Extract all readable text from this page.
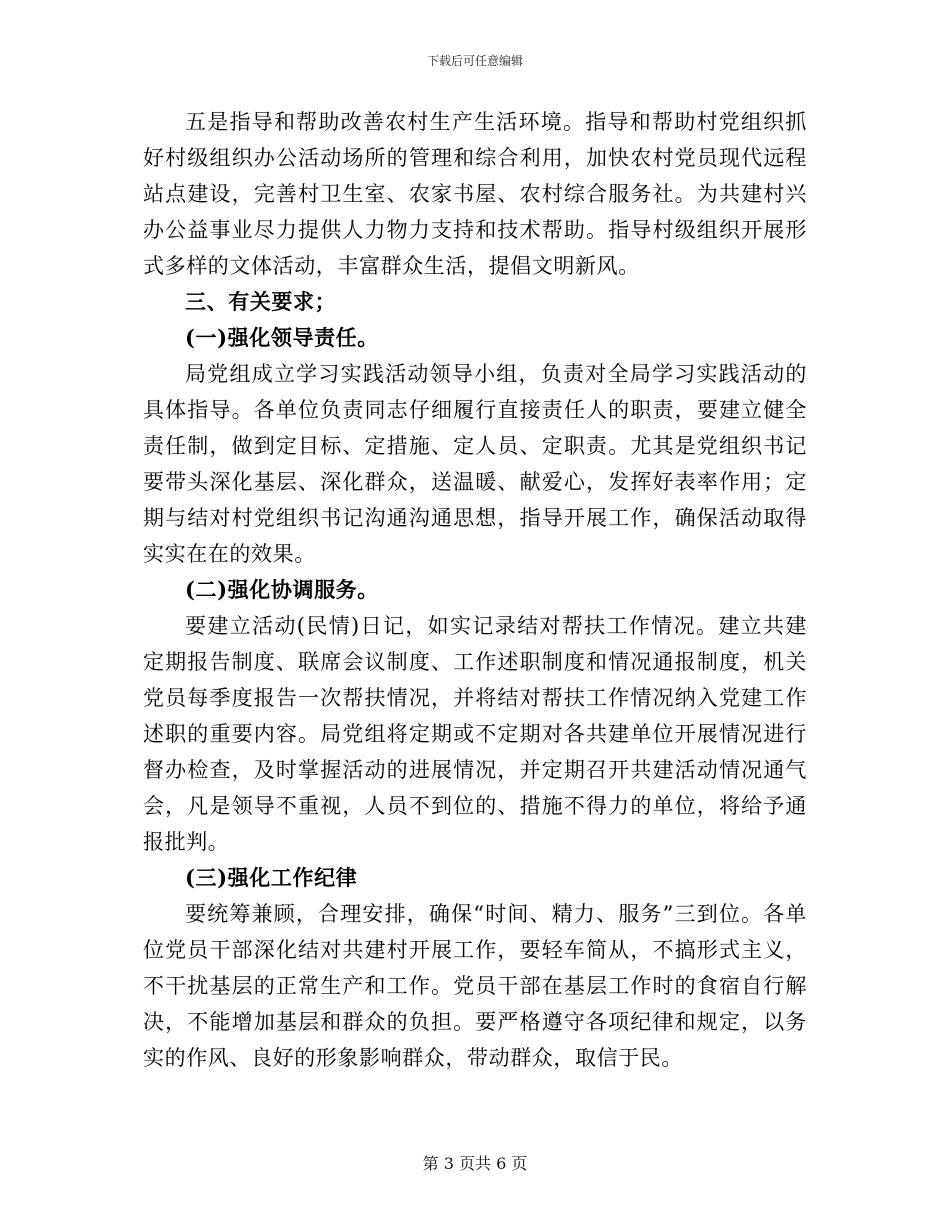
下载后可任意编辑

五是指导和帮助改善农村生产生活环境。指导和帮助村党组织抓好村级组织办公活动场所的管理和综合利用，加快农村党员现代远程站点建设，完善村卫生室、农家书屋、农村综合服务社。为共建村兴办公益事业尽力提供人力物力支持和技术帮助。指导村级组织开展形式多样的文体活动，丰富群众生活，提倡文明新风。

三、有关要求；

(一)强化领导责任。

局党组成立学习实践活动领导小组，负责对全局学习实践活动的具体指导。各单位负责同志仔细履行直接责任人的职责，要建立健全责任制，做到定目标、定措施、定人员、定职责。尤其是党组织书记要带头深化基层、深化群众，送温暖、献爱心，发挥好表率作用；定期与结对村党组织书记沟通沟通思想，指导开展工作，确保活动取得实实在在的效果。

(二)强化协调服务。

要建立活动(民情)日记，如实记录结对帮扶工作情况。建立共建定期报告制度、联席会议制度、工作述职制度和情况通报制度，机关党员每季度报告一次帮扶情况，并将结对帮扶工作情况纳入党建工作述职的重要内容。局党组将定期或不定期对各共建单位开展情况进行督办检查，及时掌握活动的进展情况，并定期召开共建活动情况通气会，凡是领导不重视，人员不到位的、措施不得力的单位，将给予通报批判。

(三)强化工作纪律

要统筹兼顾，合理安排，确保“时间、精力、服务”三到位。各单位党员干部深化结对共建村开展工作，要轻车简从，不搞形式主义，不干扰基层的正常生产和工作。党员干部在基层工作时的食宿自行解决，不能增加基层和群众的负担。要严格遵守各项纪律和规定，以务实的作风、良好的形象影响群众，带动群众，取信于民。

第 3 页共 6 页
